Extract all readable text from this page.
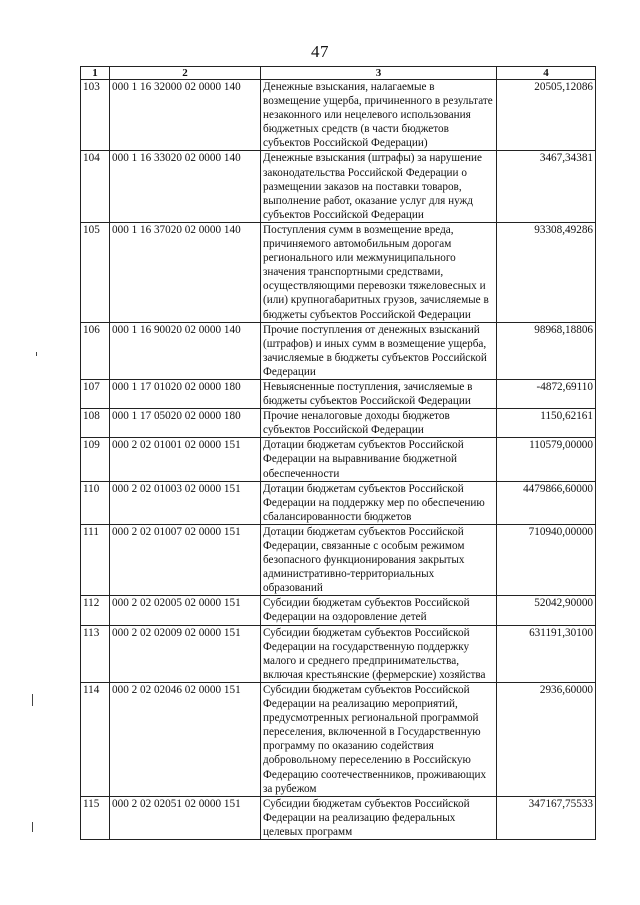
47
1	2	3	4
103	000 1 16 32000 02 0000 140	Денежные взыскания, налагаемые в возмещение ущерба, причиненного в результате незаконного или нецелевого использования бюджетных средств (в части бюджетов субъектов Российской Федерации)	20505,12086
104	000 1 16 33020 02 0000 140	Денежные взыскания (штрафы) за нарушение законодательства Российской Федерации о размещении заказов на поставки товаров, выполнение работ, оказание услуг для нужд субъектов Российской Федерации	3467,34381
105	000 1 16 37020 02 0000 140	Поступления сумм в возмещение вреда, причиняемого автомобильным дорогам регионального или межмуниципального значения транспортными средствами, осуществляющими перевозки тяжеловесных и (или) крупногабаритных грузов, зачисляемые в бюджеты субъектов Российской Федерации	93308,49286
106	000 1 16 90020 02 0000 140	Прочие поступления от денежных взысканий (штрафов) и иных сумм в возмещение ущерба, зачисляемые в бюджеты субъектов Российской Федерации	98968,18806
107	000 1 17 01020 02 0000 180	Невыясненные поступления, зачисляемые в бюджеты субъектов Российской Федерации	-4872,69110
108	000 1 17 05020 02 0000 180	Прочие неналоговые доходы бюджетов субъектов Российской Федерации	1150,62161
109	000 2 02 01001 02 0000 151	Дотации бюджетам субъектов Российской Федерации на выравнивание бюджетной обеспеченности	110579,00000
110	000 2 02 01003 02 0000 151	Дотации бюджетам субъектов Российской Федерации на поддержку мер по обеспечению сбалансированности бюджетов	4479866,60000
111	000 2 02 01007 02 0000 151	Дотации бюджетам субъектов Российской Федерации, связанные с особым режимом безопасного функционирования закрытых административно-территориальных образований	710940,00000
112	000 2 02 02005 02 0000 151	Субсидии бюджетам субъектов Российской Федерации на оздоровление детей	52042,90000
113	000 2 02 02009 02 0000 151	Субсидии бюджетам субъектов Российской Федерации на государственную поддержку малого и среднего предпринимательства, включая крестьянские (фермерские) хозяйства	631191,30100
114	000 2 02 02046 02 0000 151	Субсидии бюджетам субъектов Российской Федерации на реализацию мероприятий, предусмотренных региональной программой переселения, включенной в Государственную программу по оказанию содействия добровольному переселению в Российскую Федерацию соотечественников, проживающих за рубежом	2936,60000
115	000 2 02 02051 02 0000 151	Субсидии бюджетам субъектов Российской Федерации на реализацию федеральных целевых программ	347167,75533
